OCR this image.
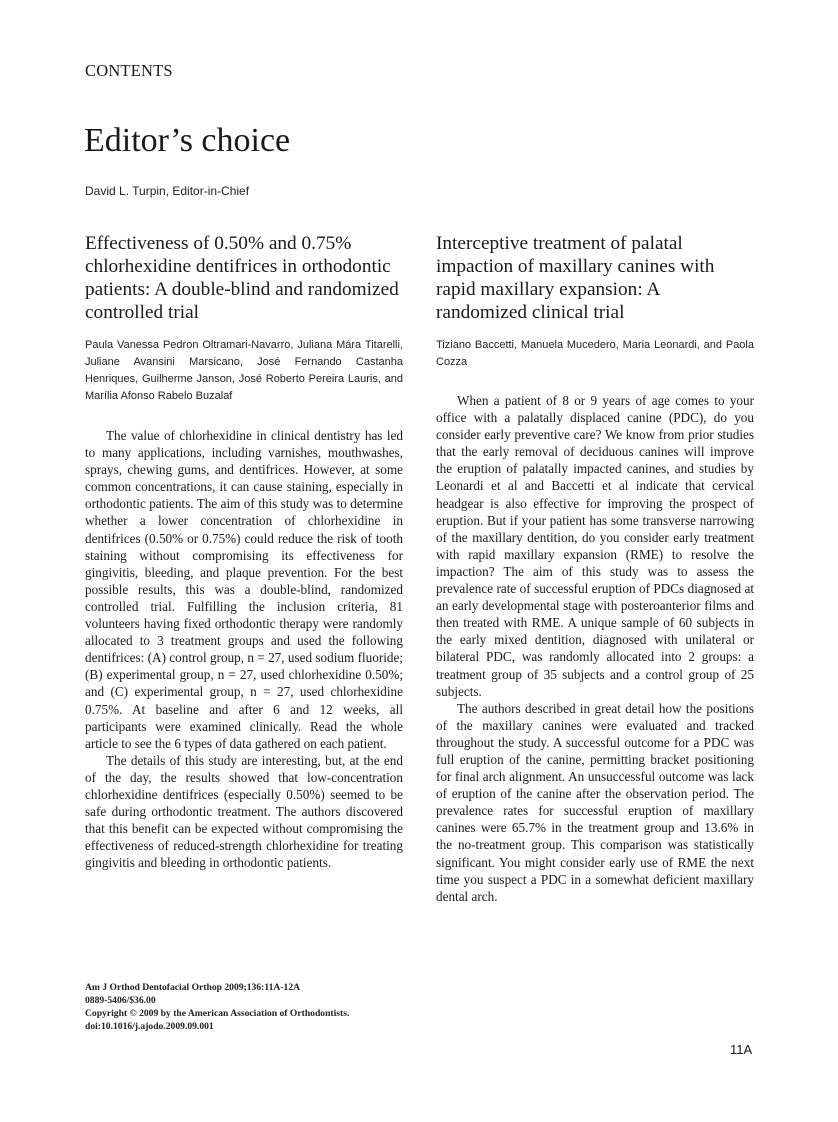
CONTENTS
Editor’s choice
David L. Turpin, Editor-in-Chief
Effectiveness of 0.50% and 0.75% chlorhexidine dentifrices in orthodontic patients: A double-blind and randomized controlled trial
Paula Vanessa Pedron Oltramari-Navarro, Juliana Mára Titarelli, Juliane Avansini Marsicano, José Fernando Castanha Henriques, Guilherme Janson, José Roberto Pereira Lauris, and Marília Afonso Rabelo Buzalaf

The value of chlorhexidine in clinical dentistry has led to many applications, including varnishes, mouthwashes, sprays, chewing gums, and dentifrices. However, at some common concentrations, it can cause staining, especially in orthodontic patients. The aim of this study was to determine whether a lower concentration of chlorhexidine in dentifrices (0.50% or 0.75%) could reduce the risk of tooth staining without compromising its effectiveness for gingivitis, bleeding, and plaque prevention. For the best possible results, this was a double-blind, randomized controlled trial. Fulfilling the inclusion criteria, 81 volunteers having fixed orthodontic therapy were randomly allocated to 3 treatment groups and used the following dentifrices: (A) control group, n = 27, used sodium fluoride; (B) experimental group, n = 27, used chlorhexidine 0.50%; and (C) experimental group, n = 27, used chlorhexidine 0.75%. At baseline and after 6 and 12 weeks, all participants were examined clinically. Read the whole article to see the 6 types of data gathered on each patient.

The details of this study are interesting, but, at the end of the day, the results showed that low-concentration chlorhexidine dentifrices (especially 0.50%) seemed to be safe during orthodontic treatment. The authors discovered that this benefit can be expected without compromising the effectiveness of reduced-strength chlorhexidine for treating gingivitis and bleeding in orthodontic patients.

Interceptive treatment of palatal impaction of maxillary canines with rapid maxillary expansion: A randomized clinical trial
Tiziano Baccetti, Manuela Mucedero, Maria Leonardi, and Paola Cozza

When a patient of 8 or 9 years of age comes to your office with a palatally displaced canine (PDC), do you consider early preventive care? We know from prior studies that the early removal of deciduous canines will improve the eruption of palatally impacted canines, and studies by Leonardi et al and Baccetti et al indicate that cervical headgear is also effective for improving the prospect of eruption. But if your patient has some transverse narrowing of the maxillary dentition, do you consider early treatment with rapid maxillary expansion (RME) to resolve the impaction? The aim of this study was to assess the prevalence rate of successful eruption of PDCs diagnosed at an early developmental stage with posteroanterior films and then treated with RME. A unique sample of 60 subjects in the early mixed dentition, diagnosed with unilateral or bilateral PDC, was randomly allocated into 2 groups: a treatment group of 35 subjects and a control group of 25 subjects.

The authors described in great detail how the positions of the maxillary canines were evaluated and tracked throughout the study. A successful outcome for a PDC was full eruption of the canine, permitting bracket positioning for final arch alignment. An unsuccessful outcome was lack of eruption of the canine after the observation period. The prevalence rates for successful eruption of maxillary canines were 65.7% in the treatment group and 13.6% in the no-treatment group. This comparison was statistically significant. You might consider early use of RME the next time you suspect a PDC in a somewhat deficient maxillary dental arch.

Am J Orthod Dentofacial Orthop 2009;136:11A-12A
0889-5406/$36.00
Copyright © 2009 by the American Association of Orthodontists.
doi:10.1016/j.ajodo.2009.09.001
11A
